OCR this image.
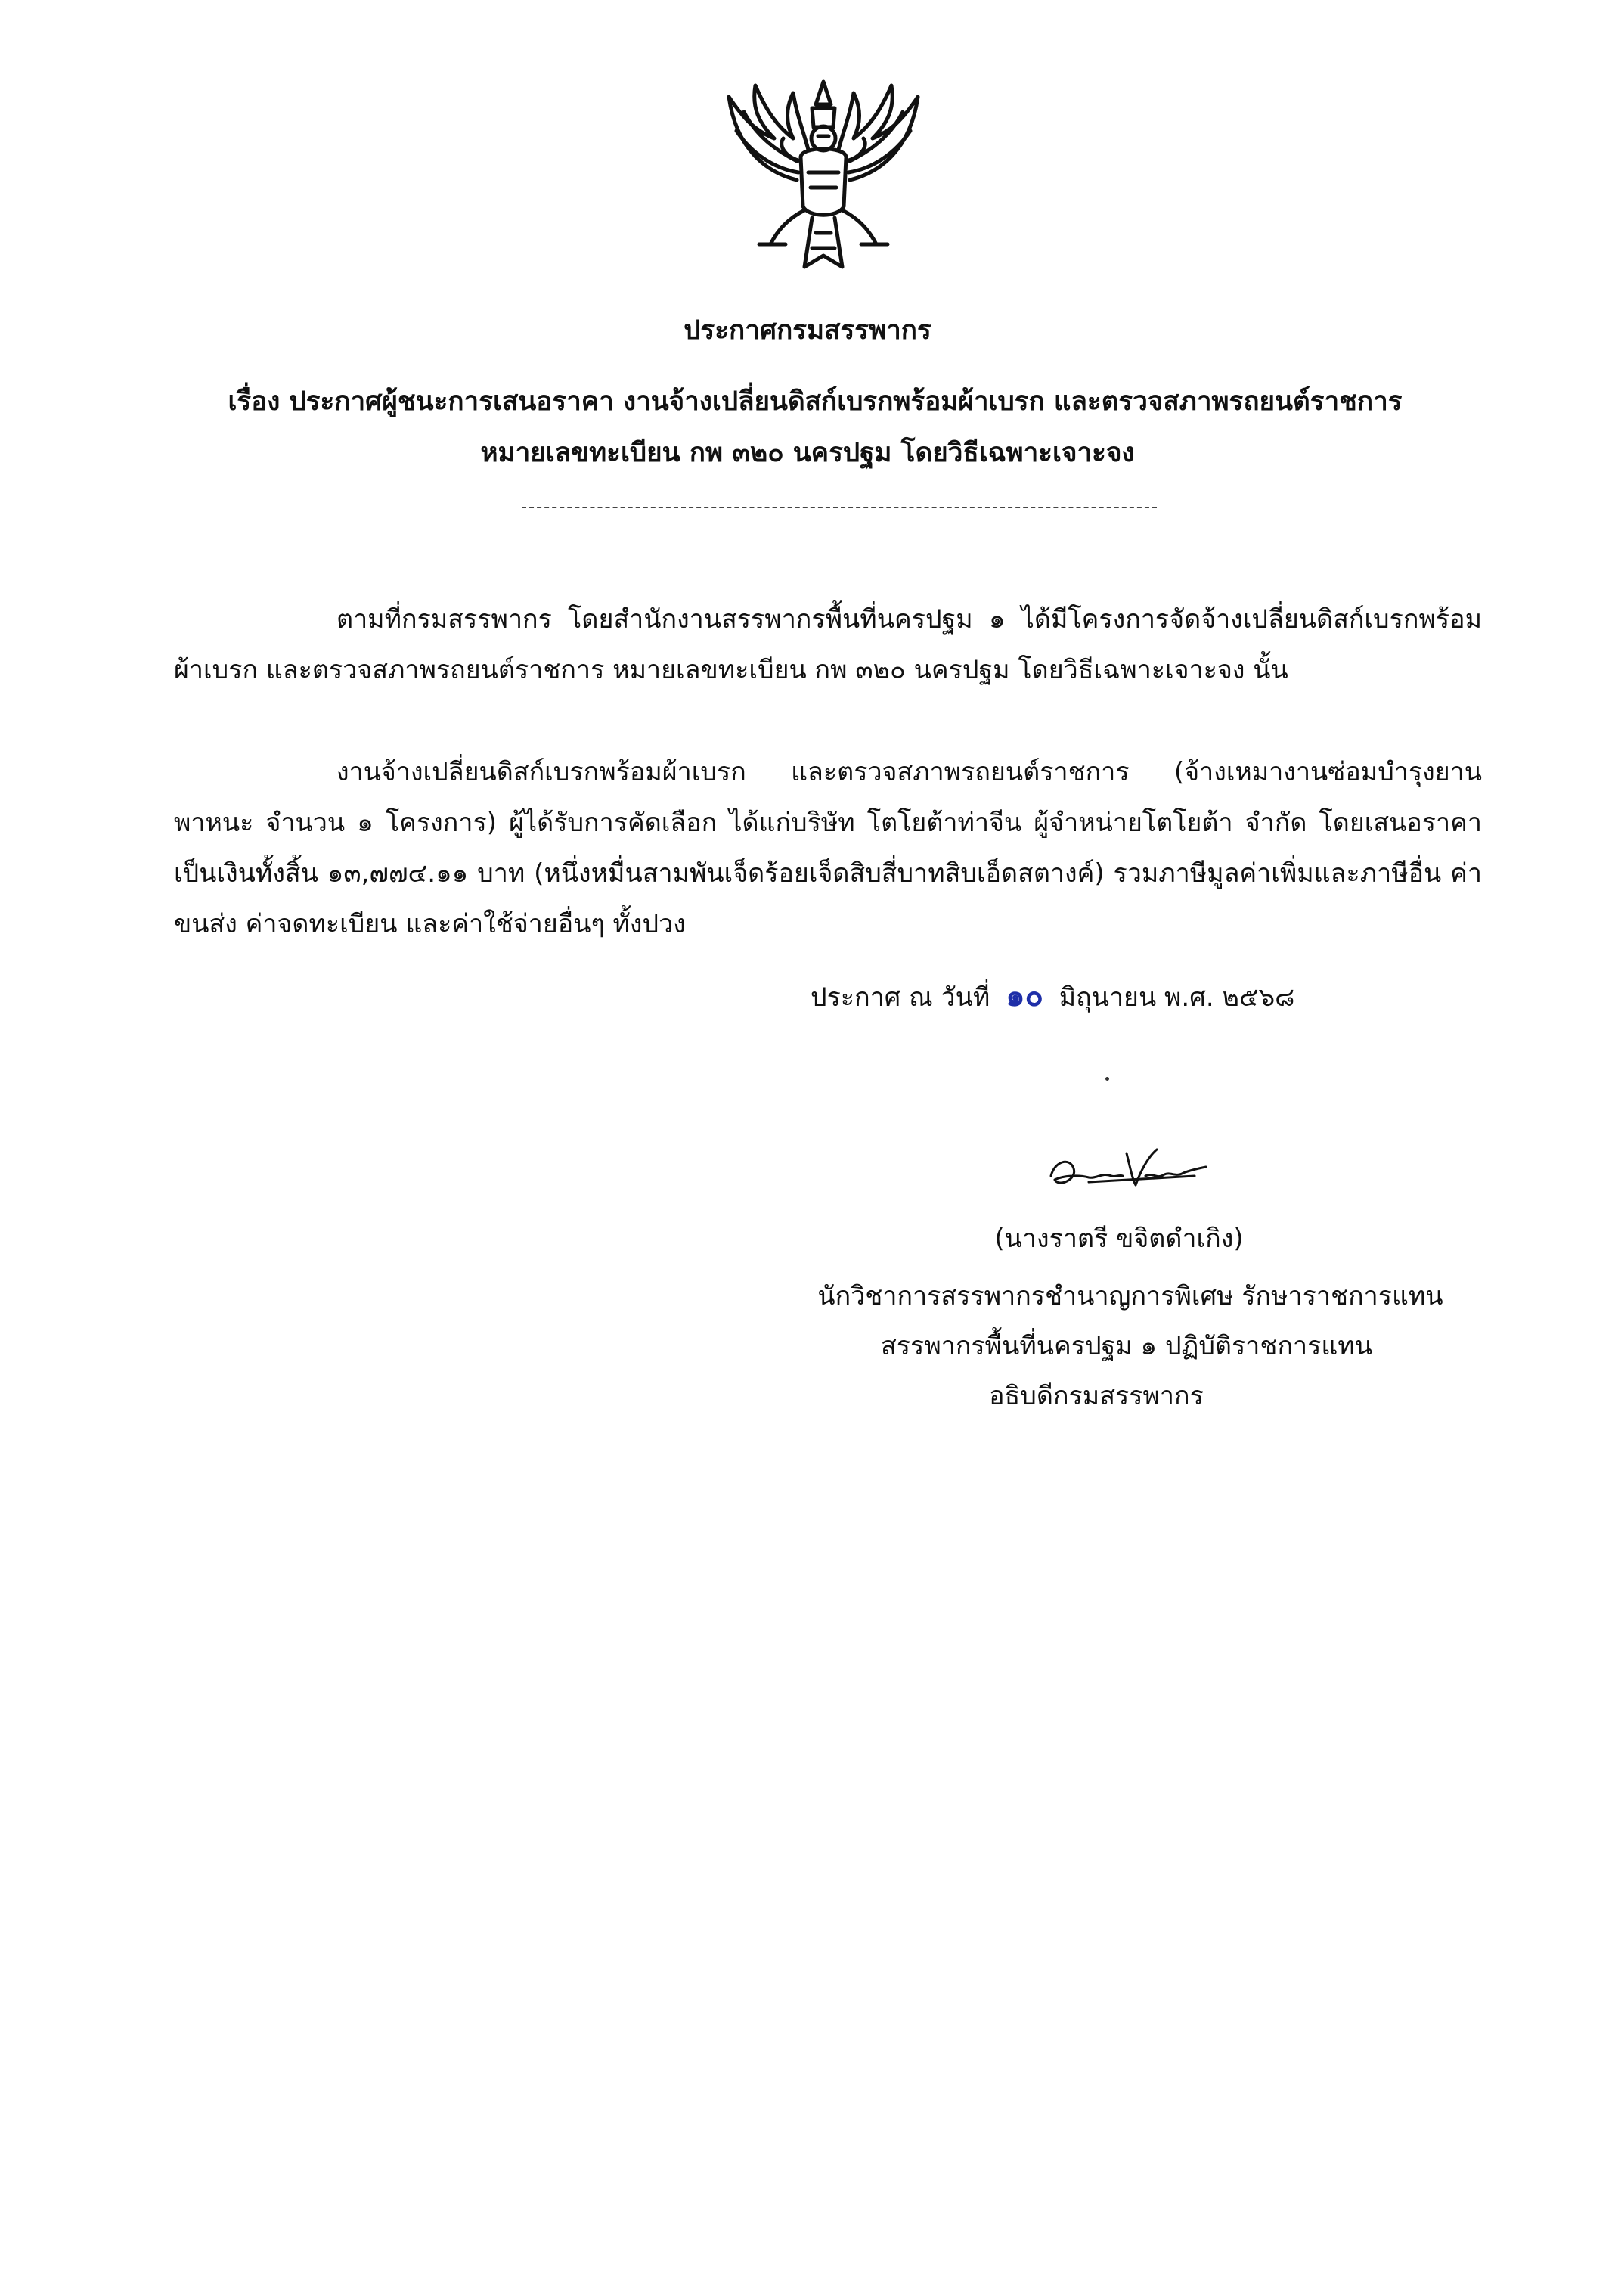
ประกาศกรมสรรพากร
เรื่อง ประกาศผู้ชนะการเสนอราคา งานจ้างเปลี่ยนดิสก์เบรกพร้อมผ้าเบรก และตรวจสภาพรถยนต์ราชการ
หมายเลขทะเบียน กพ ๓๒๐ นครปฐม โดยวิธีเฉพาะเจาะจง

ตามที่กรมสรรพากร โดยสำนักงานสรรพากรพื้นที่นครปฐม ๑ ได้มีโครงการจัดจ้างเปลี่ยนดิสก์เบรกพร้อมผ้าเบรก และตรวจสภาพรถยนต์ราชการ หมายเลขทะเบียน กพ ๓๒๐ นครปฐม โดยวิธีเฉพาะเจาะจง นั้น

งานจ้างเปลี่ยนดิสก์เบรกพร้อมผ้าเบรก และตรวจสภาพรถยนต์ราชการ (จ้างเหมางานซ่อมบำรุงยานพาหนะ จำนวน ๑ โครงการ) ผู้ได้รับการคัดเลือก ได้แก่บริษัท โตโยต้าท่าจีน ผู้จำหน่ายโตโยต้า จำกัด โดยเสนอราคา เป็นเงินทั้งสิ้น ๑๓,๗๗๔.๑๑ บาท (หนึ่งหมื่นสามพันเจ็ดร้อยเจ็ดสิบสี่บาทสิบเอ็ดสตางค์) รวมภาษีมูลค่าเพิ่มและภาษีอื่น ค่าขนส่ง ค่าจดทะเบียน และค่าใช้จ่ายอื่นๆ ทั้งปวง

ประกาศ ณ วันที่ ๑๐ มิถุนายน พ.ศ. ๒๕๖๘
(นางราตรี ขจิตดำเกิง)
นักวิชาการสรรพากรชำนาญการพิเศษ รักษาราชการแทน
สรรพากรพื้นที่นครปฐม ๑ ปฏิบัติราชการแทน
อธิบดีกรมสรรพากร
